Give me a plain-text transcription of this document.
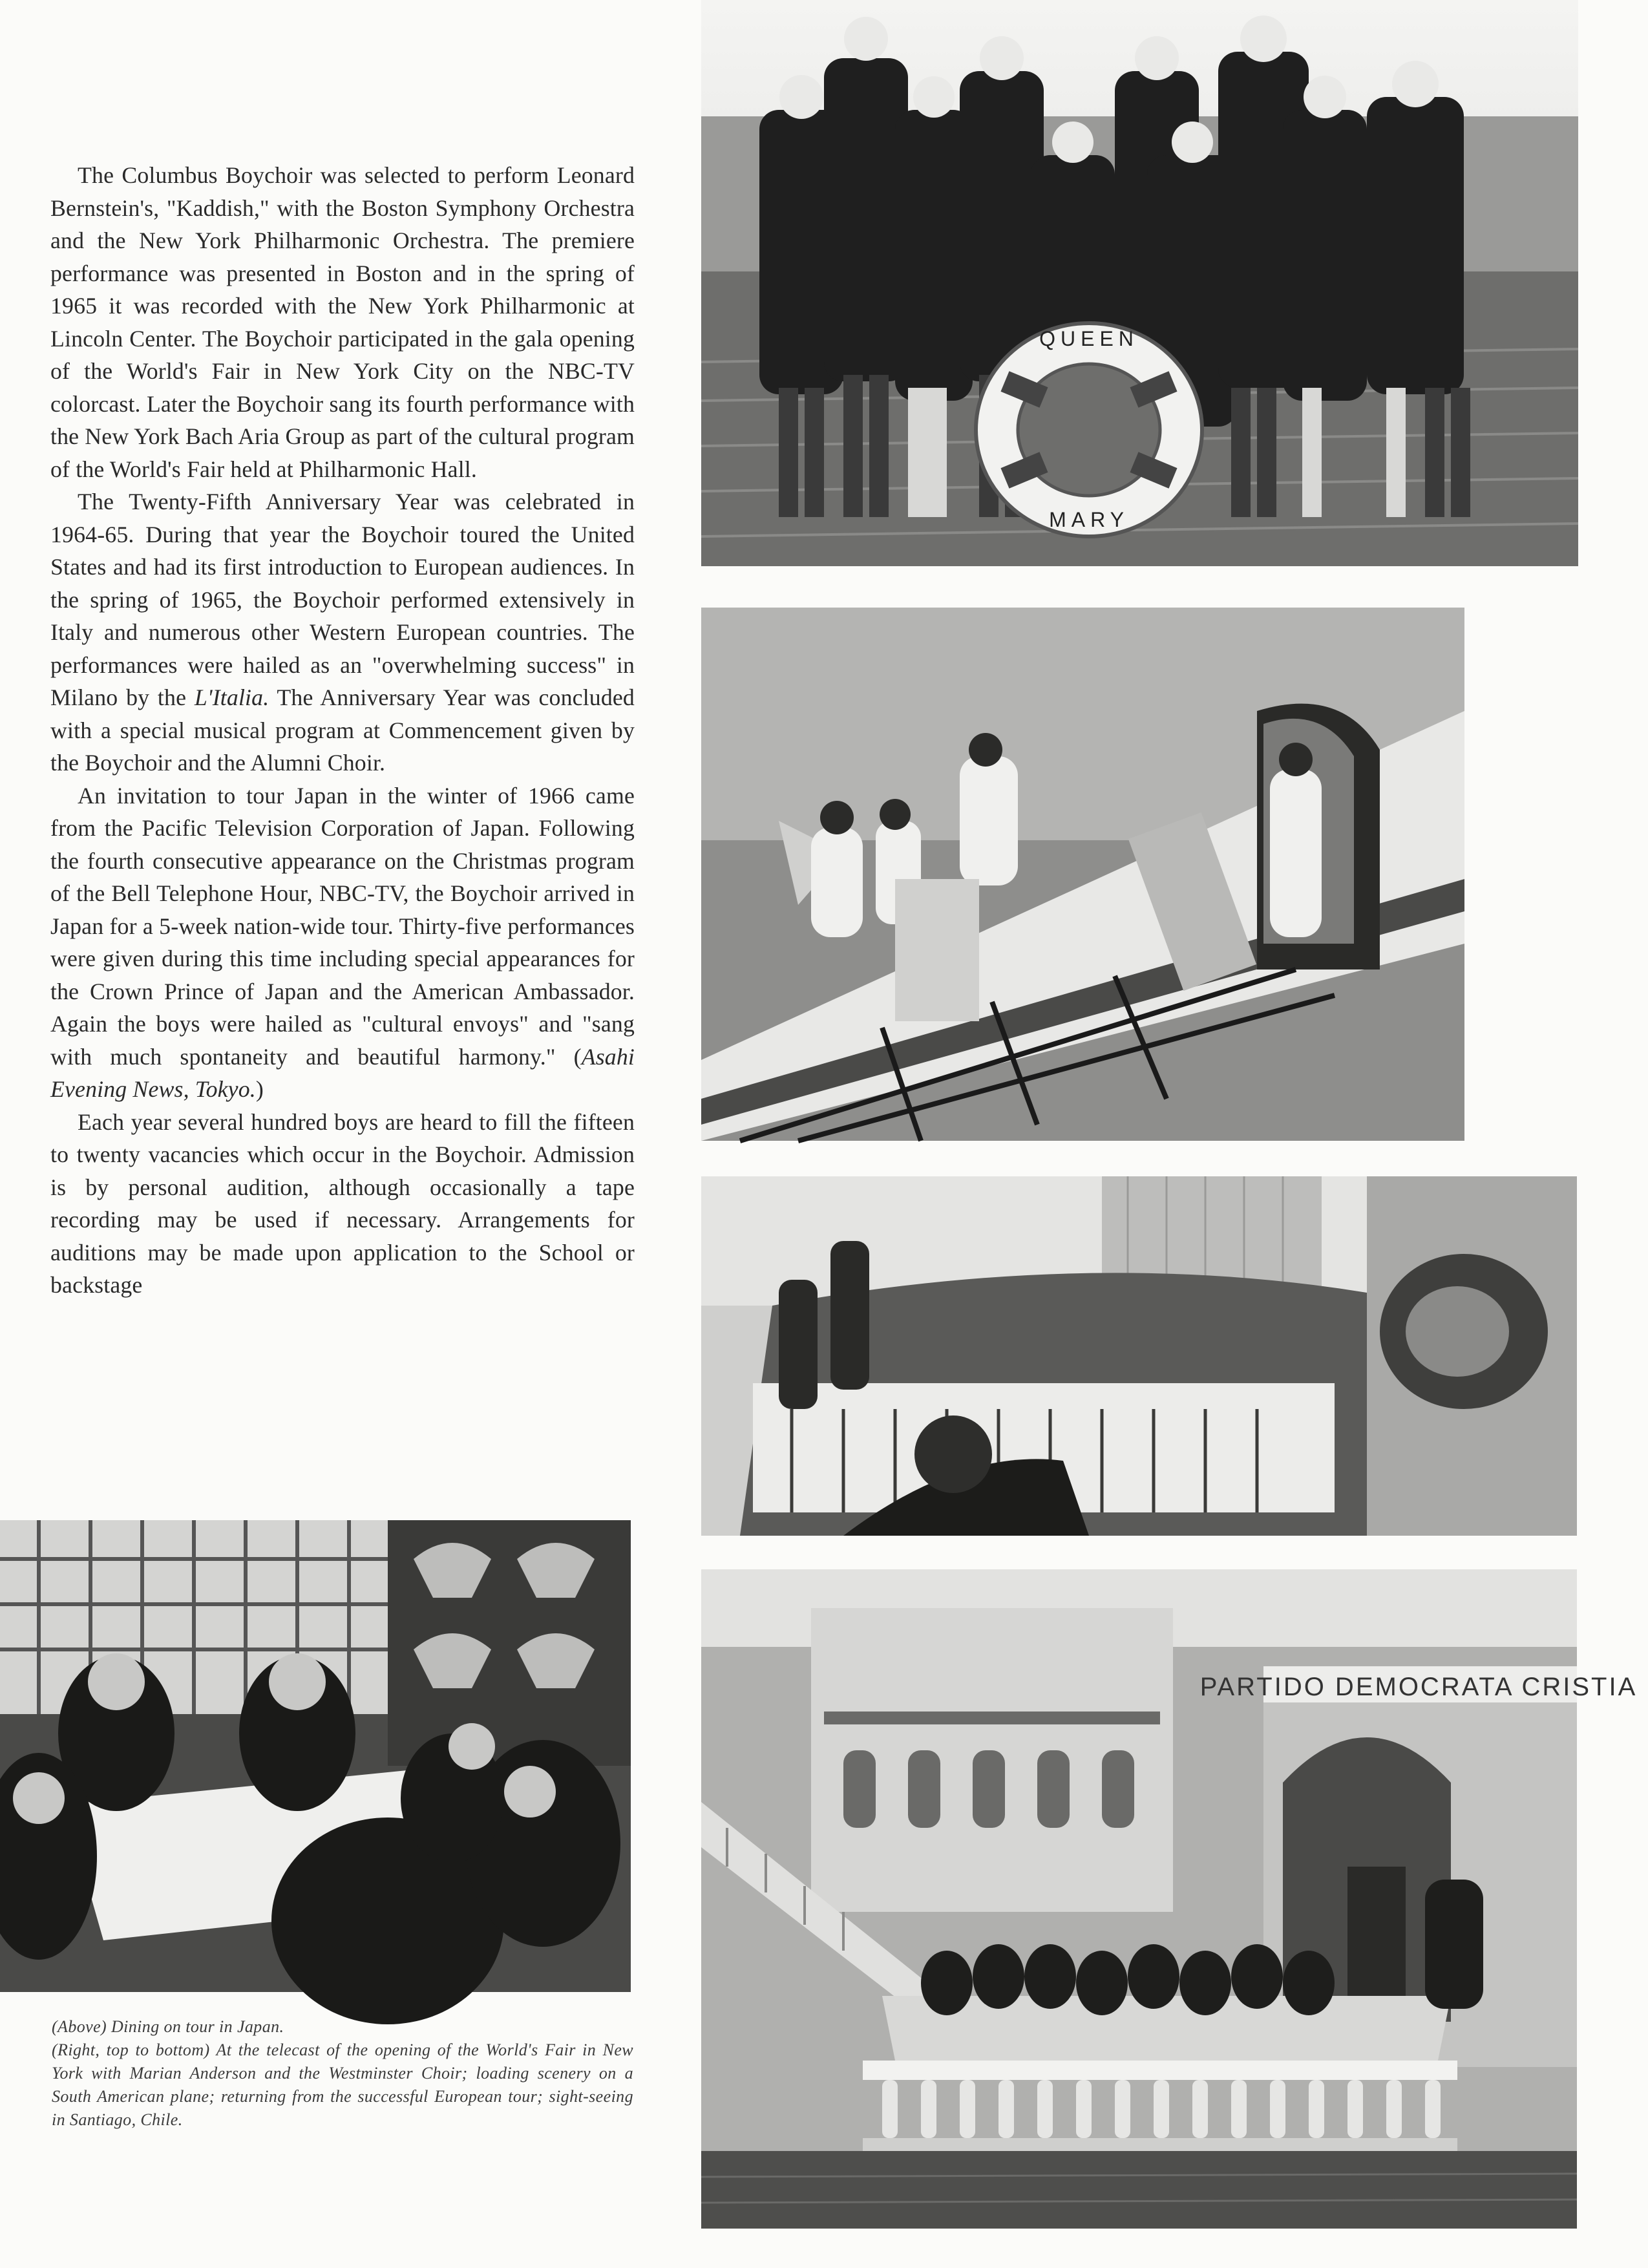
The Columbus Boychoir was selected to perform Leonard Bernstein's, "Kaddish," with the Boston Symphony Orchestra and the New York Philharmonic Orchestra. The premiere performance was presented in Boston and in the spring of 1965 it was recorded with the New York Philharmonic at Lincoln Center. The Boychoir participated in the gala opening of the World's Fair in New York City on the NBC-TV colorcast. Later the Boychoir sang its fourth performance with the New York Bach Aria Group as part of the cultural program of the World's Fair held at Philharmonic Hall.

The Twenty-Fifth Anniversary Year was celebrated in 1964-65. During that year the Boychoir toured the United States and had its first introduction to European audiences. In the spring of 1965, the Boychoir performed extensively in Italy and numerous other Western European countries. The performances were hailed as an "overwhelming success" in Milano by the L'Italia. The Anniversary Year was concluded with a special musical program at Commencement given by the Boychoir and the Alumni Choir.

An invitation to tour Japan in the winter of 1966 came from the Pacific Television Corporation of Japan. Following the fourth consecutive appearance on the Christmas program of the Bell Telephone Hour, NBC-TV, the Boychoir arrived in Japan for a 5-week nation-wide tour. Thirty-five performances were given during this time including special appearances for the Crown Prince of Japan and the American Ambassador. Again the boys were hailed as "cultural envoys" and "sang with much spontaneity and beautiful harmony." (Asahi Evening News, Tokyo.)

Each year several hundred boys are heard to fill the fifteen to twenty vacancies which occur in the Boychoir. Admission is by personal audition, although occasionally a tape recording may be used if necessary. Arrangements for auditions may be made upon application to the School or backstage

QUEEN
MARY
PARTIDO DEMOCRATA CRISTIA
(Above) Dining on tour in Japan.
(Right, top to bottom) At the telecast of the opening of the World's Fair in New York with Marian Anderson and the Westminster Choir; loading scenery on a South American plane; returning from the successful European tour; sight-seeing in Santiago, Chile.
